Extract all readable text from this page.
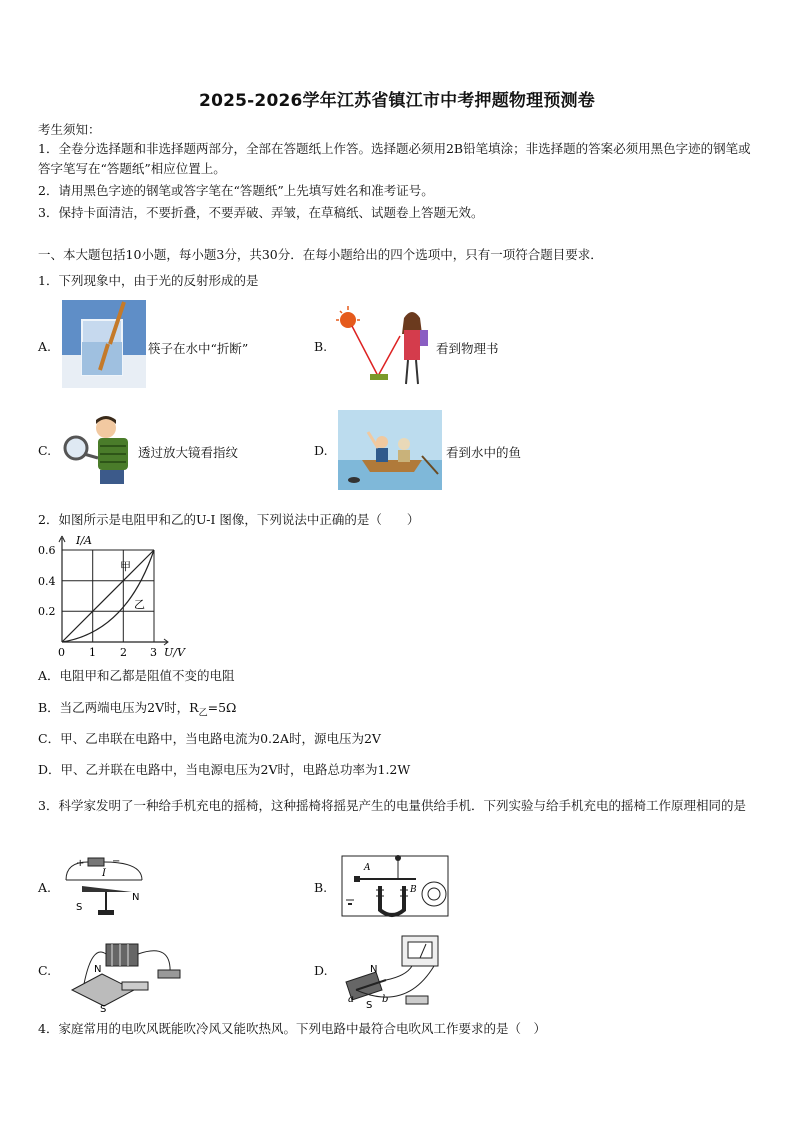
2025-2026学年江苏省镇江市中考押题物理预测卷
考生须知：
1．全卷分选择题和非选择题两部分，全部在答题纸上作答。选择题必须用2B铅笔填涂；非选择题的答案必须用黑色字迹的钢笔或答字笔写在“答题纸”相应位置上。
2．请用黑色字迹的钢笔或答字笔在“答题纸”上先填写姓名和准考证号。
3．保持卡面清洁，不要折叠，不要弄破、弄皱，在草稿纸、试题卷上答题无效。
一、本大题包括10小题，每小题3分，共30分．在每小题给出的四个选项中，只有一项符合题目要求．
1．下列现象中，由于光的反射形成的是
A.	筷子在水中“折断”	B.	看到物理书
C.	透过放大镜看指纹	D.	看到水中的鱼
2．如图所示是电阻甲和乙的U-I 图像，下列说法中正确的是（　　）
I/A
U/V
0.6
0.4
0.2
0 1 2 3
甲
乙
A．电阻甲和乙都是阻值不变的电阻
B．当乙两端电压为2V时，$R_乙=5\Omega$
C．甲、乙串联在电路中，当电路电流为0.2A时，源电压为2V
D．甲、乙并联在电路中，当电源电压为2V时，电路总功率为1.2W
3．科学家发明了一种给手机充电的摇椅，这种摇椅将摇晃产生的电量供给手机．下列实验与给手机充电的摇椅工作原理相同的是
A.
+	−
I
N
S
B.
A
B
C.	N
S
D.	N
S
a	b
4．家庭常用的电吹风既能吹冷风又能吹热风。下列电路中最符合电吹风工作要求的是（　）
